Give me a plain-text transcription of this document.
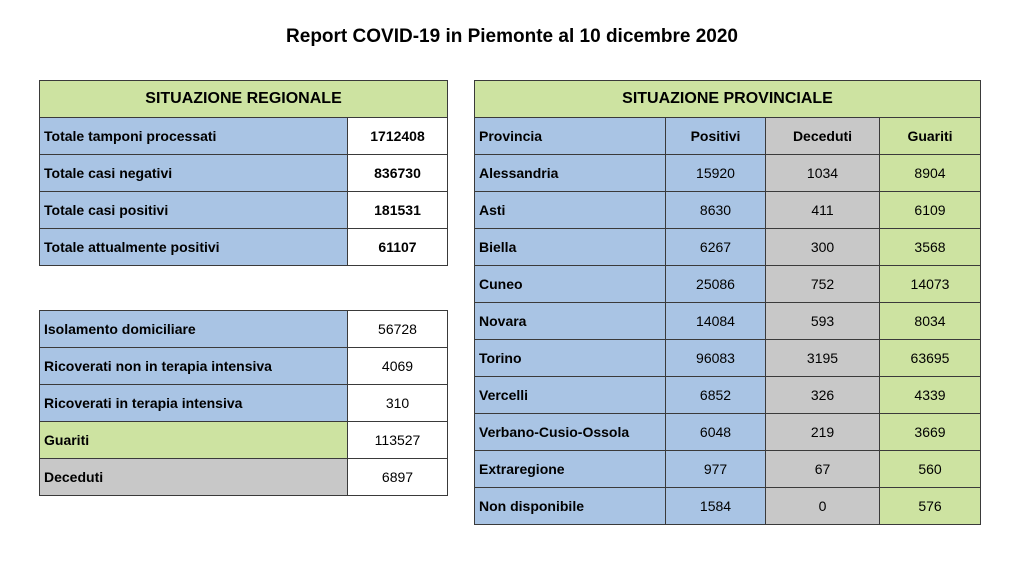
Report COVID-19 in Piemonte al 10 dicembre 2020
SITUAZIONE REGIONALE	
Totale tamponi processati	1712408
Totale casi negativi	836730
Totale casi positivi	181531
Totale attualmente positivi	61107
Isolamento domiciliare	56728
Ricoverati non in terapia intensiva	4069
Ricoverati in terapia intensiva	310
Guariti	113527
Deceduti	6897
SITUAZIONE PROVINCIALE			
Provincia	Positivi	Deceduti	Guariti
Alessandria	15920	1034	8904
Asti	8630	411	6109
Biella	6267	300	3568
Cuneo	25086	752	14073
Novara	14084	593	8034
Torino	96083	3195	63695
Vercelli	6852	326	4339
Verbano-Cusio-Ossola	6048	219	3669
Extraregione	977	67	560
Non disponibile	1584	0	576
